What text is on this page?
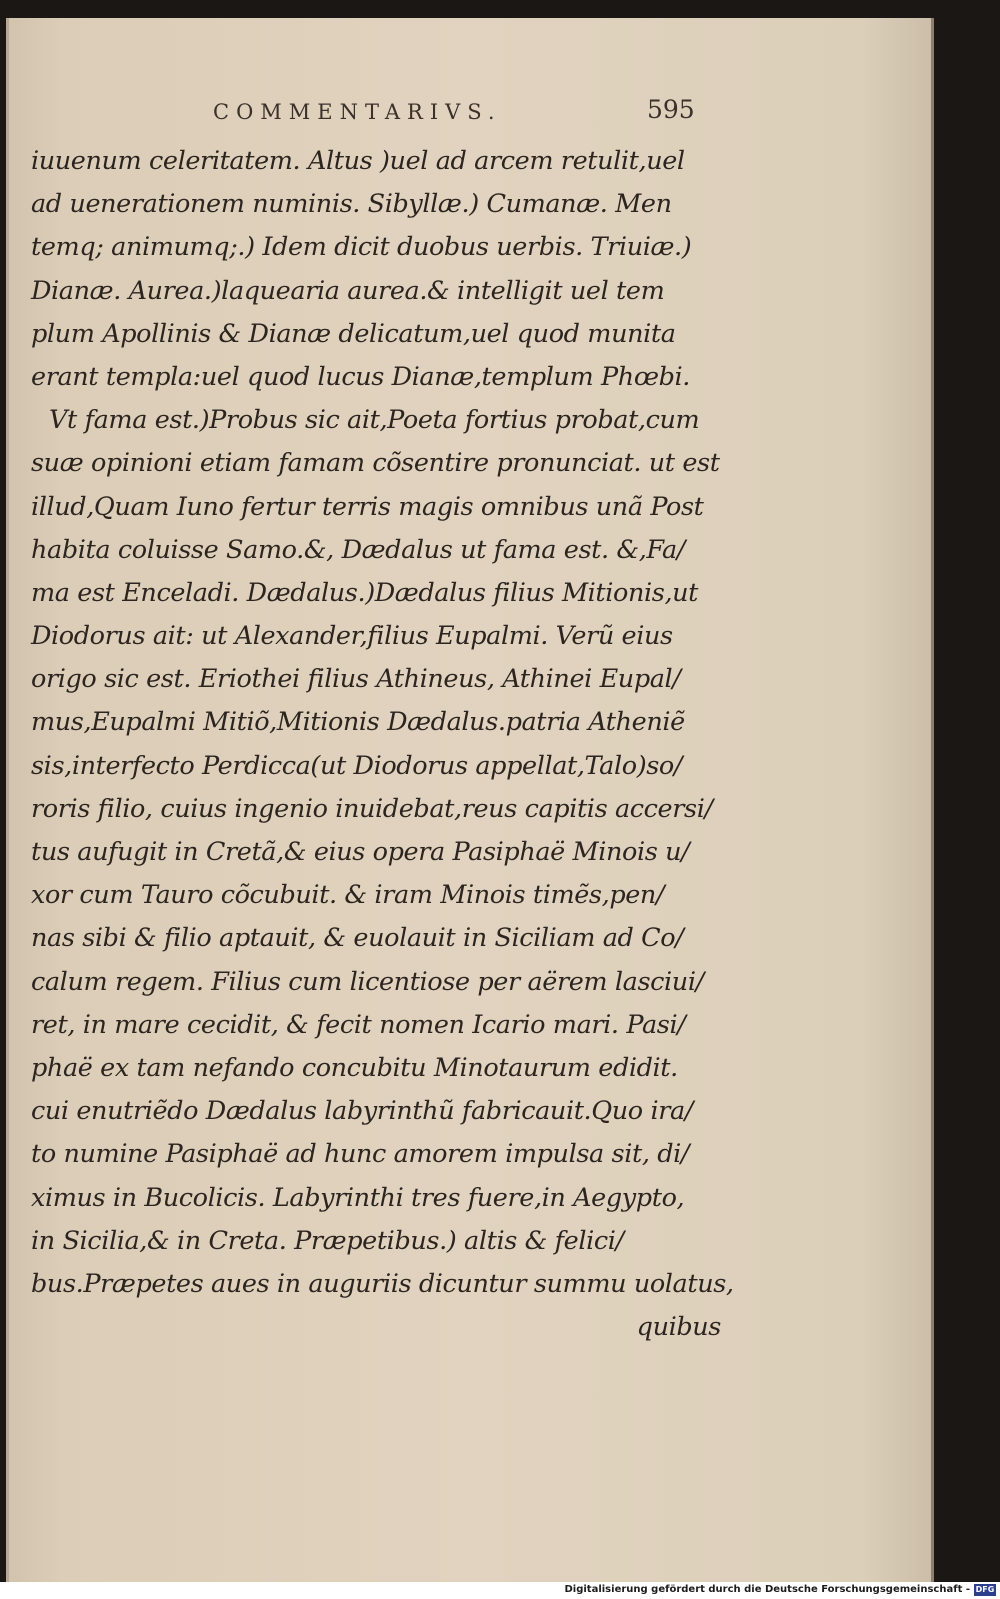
COMMENTARIVS.	595
iuuenum celeritatem. Altus )uel ad arcem retulit,uel
ad uenerationem numinis. Sibyllæ.) Cumanæ. Men
temq; animumq;.) Idem dicit duobus uerbis. Triuiæ.)
Dianæ. Aurea.)laquearia aurea.& intelligit uel tem
plum Apollinis & Dianæ delicatum,uel quod munita
erant templa:uel quod lucus Dianæ,templum Phœbi.
Vt fama est.)Probus sic ait,Poeta fortius probat,cum
suæ opinioni etiam famam cõsentire pronunciat. ut est
illud,Quam Iuno fertur terris magis omnibus unã Post
habita coluisse Samo.&, Dædalus ut fama est. &,Fa/
ma est Enceladi. Dædalus.)Dædalus filius Mitionis,ut
Diodorus ait: ut Alexander,filius Eupalmi. Verũ eius
origo sic est. Eriothei filius Athineus, Athinei Eupal/
mus,Eupalmi Mitiõ,Mitionis Dædalus.patria Atheniẽ
sis,interfecto Perdicca(ut Diodorus appellat,Talo)so/
roris filio, cuius ingenio inuidebat,reus capitis accersi/
tus aufugit in Cretã,& eius opera Pasiphaë Minois u/
xor cum Tauro cõcubuit. & iram Minois timẽs,pen/
nas sibi & filio aptauit, & euolauit in Siciliam ad Co/
calum regem. Filius cum licentiose per aërem lasciui/
ret, in mare cecidit, & fecit nomen Icario mari. Pasi/
phaë ex tam nefando concubitu Minotaurum edidit.
cui enutriẽdo Dædalus labyrinthũ fabricauit.Quo ira/
to numine Pasiphaë ad hunc amorem impulsa sit, di/
ximus in Bucolicis. Labyrinthi tres fuere,in Aegypto,
in Sicilia,& in Creta. Præpetibus.) altis & felici/
bus.Præpetes aues in auguriis dicuntur summu uolatus,
quibus
Digitalisierung gefördert durch die Deutsche Forschungsgemeinschaft - DFG
